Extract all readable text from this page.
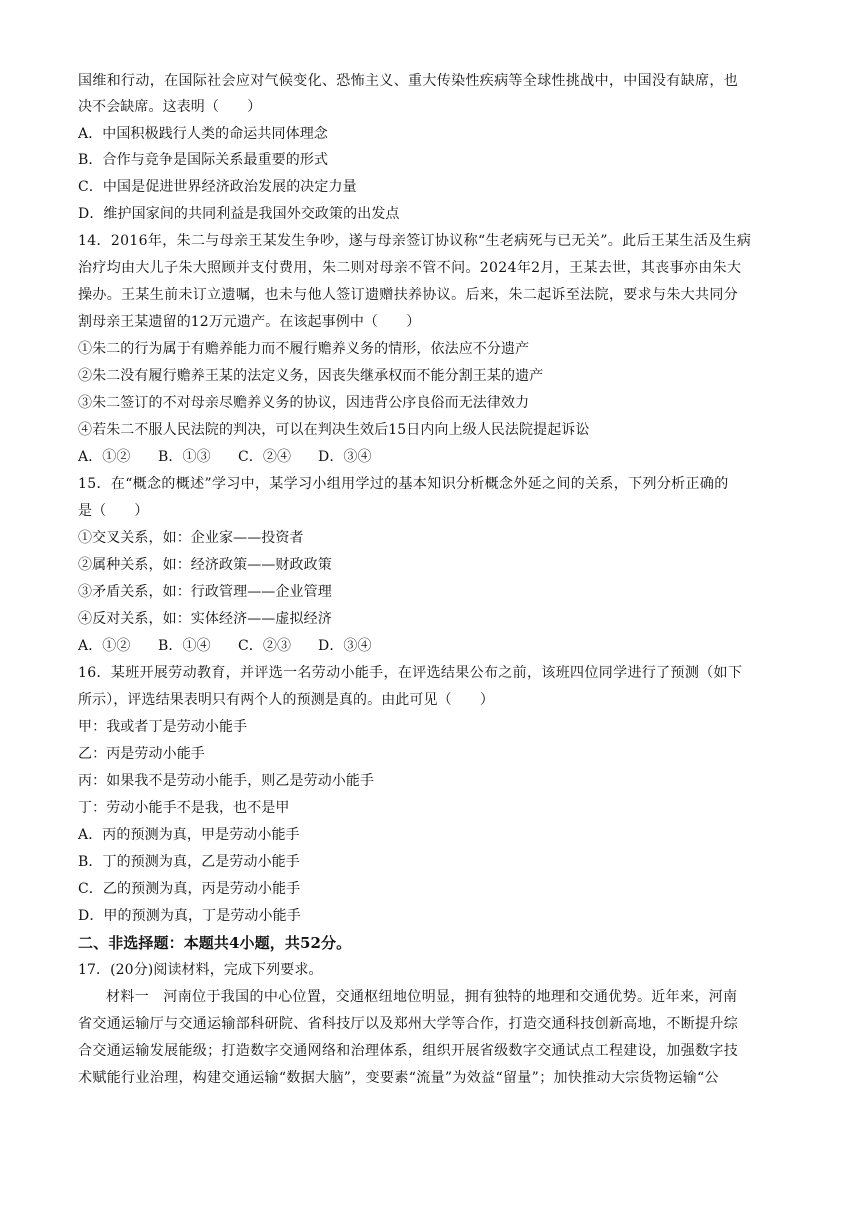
国维和行动，在国际社会应对气候变化、恐怖主义、重大传染性疾病等全球性挑战中，中国没有缺席，也
决不会缺席。这表明（　　）
A．中国积极践行人类的命运共同体理念
B．合作与竞争是国际关系最重要的形式
C．中国是促进世界经济政治发展的决定力量
D．维护国家间的共同利益是我国外交政策的出发点
14．2016年，朱二与母亲王某发生争吵，遂与母亲签订协议称“生老病死与已无关”。此后王某生活及生病
治疗均由大儿子朱大照顾并支付费用，朱二则对母亲不管不问。2024年2月，王某去世，其丧事亦由朱大
操办。王某生前未订立遗嘱，也未与他人签订遗赠扶养协议。后来，朱二起诉至法院，要求与朱大共同分
割母亲王某遗留的12万元遗产。在该起事例中（　　）
①朱二的行为属于有赡养能力而不履行赡养义务的情形，依法应不分遗产
②朱二没有履行赡养王某的法定义务，因丧失继承权而不能分割王某的遗产
③朱二签订的不对母亲尽赡养义务的协议，因违背公序良俗而无法律效力
④若朱二不服人民法院的判决，可以在判决生效后15日内向上级人民法院提起诉讼
A．①② B．①③ C．②④ D．③④
15．在“概念的概述”学习中，某学习小组用学过的基本知识分析概念外延之间的关系，下列分析正确的
是（　　）
①交叉关系，如：企业家——投资者
②属种关系，如：经济政策——财政政策
③矛盾关系，如：行政管理——企业管理
④反对关系，如：实体经济——虚拟经济
A．①② B．①④ C．②③ D．③④
16．某班开展劳动教育，并评选一名劳动小能手，在评选结果公布之前，该班四位同学进行了预测（如下
所示），评选结果表明只有两个人的预测是真的。由此可见（　　）
甲：我或者丁是劳动小能手
乙：丙是劳动小能手
丙：如果我不是劳动小能手，则乙是劳动小能手
丁：劳动小能手不是我，也不是甲
A．丙的预测为真，甲是劳动小能手
B．丁的预测为真，乙是劳动小能手
C．乙的预测为真，丙是劳动小能手
D．甲的预测为真，丁是劳动小能手
二、非选择题：本题共4小题，共52分。
17．(20分)阅读材料，完成下列要求。
材料一　河南位于我国的中心位置，交通枢纽地位明显，拥有独特的地理和交通优势。近年来，河南
省交通运输厅与交通运输部科研院、省科技厅以及郑州大学等合作，打造交通科技创新高地，不断提升综
合交通运输发展能级；打造数字交通网络和治理体系，组织开展省级数字交通试点工程建设，加强数字技
术赋能行业治理，构建交通运输“数据大脑”，变要素“流量”为效益“留量”；加快推动大宗货物运输“公
